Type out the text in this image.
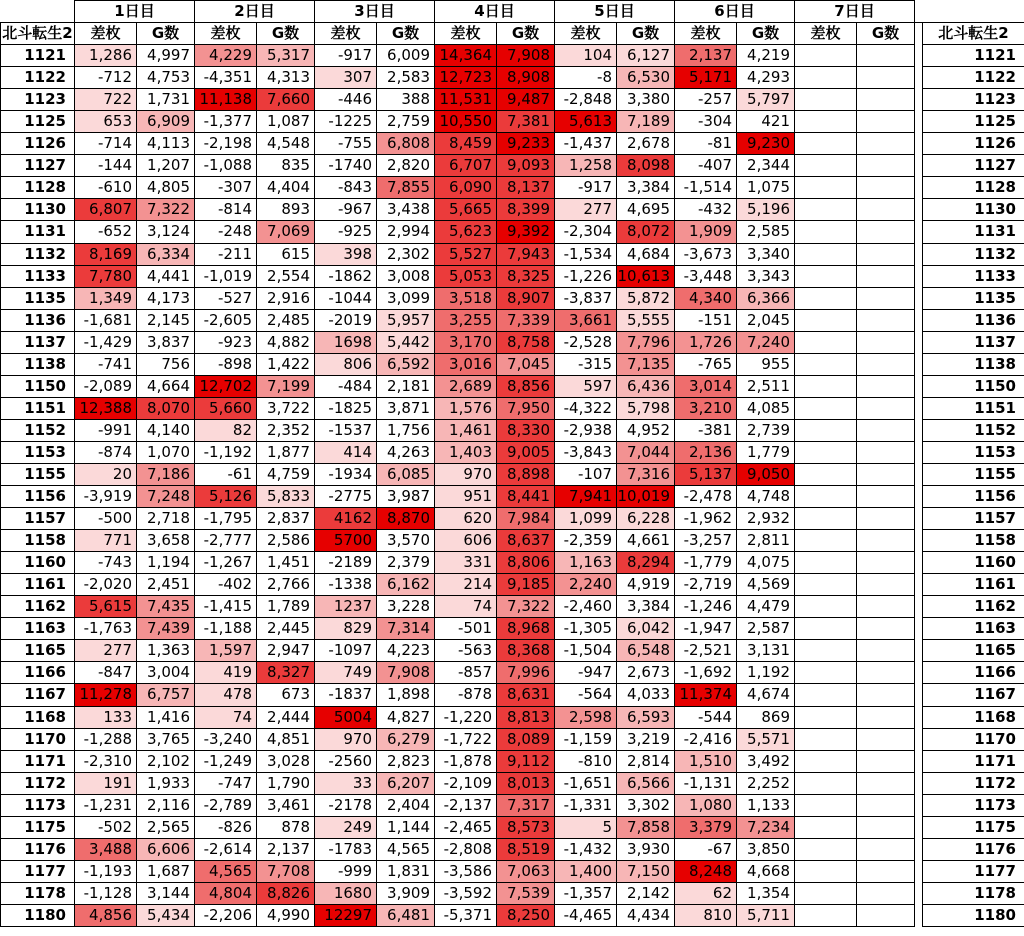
	1日目		2日目		3日目		4日目		5日目		6日目		7日目			
北斗転生2	差枚	G数	差枚	G数	差枚	G数	差枚	G数	差枚	G数	差枚	G数	差枚	G数		北斗転生2
1121	1,286	4,997	4,229	5,317	-917	6,009	14,364	7,908	104	6,127	2,137	4,219				1121
1122	-712	4,753	-4,351	4,313	307	2,583	12,723	8,908	-8	6,530	5,171	4,293				1122
1123	722	1,731	11,138	7,660	-446	388	11,531	9,487	-2,848	3,380	-257	5,797				1123
1125	653	6,909	-1,377	1,087	-1225	2,759	10,550	7,381	5,613	7,189	-304	421				1125
1126	-714	4,113	-2,198	4,548	-755	6,808	8,459	9,233	-1,437	2,678	-81	9,230				1126
1127	-144	1,207	-1,088	835	-1740	2,820	6,707	9,093	1,258	8,098	-407	2,344				1127
1128	-610	4,805	-307	4,404	-843	7,855	6,090	8,137	-917	3,384	-1,514	1,075				1128
1130	6,807	7,322	-814	893	-967	3,438	5,665	8,399	277	4,695	-432	5,196				1130
1131	-652	3,124	-248	7,069	-925	2,994	5,623	9,392	-2,304	8,072	1,909	2,585				1131
1132	8,169	6,334	-211	615	398	2,302	5,527	7,943	-1,534	4,684	-3,673	3,340				1132
1133	7,780	4,441	-1,019	2,554	-1862	3,008	5,053	8,325	-1,226	10,613	-3,448	3,343				1133
1135	1,349	4,173	-527	2,916	-1044	3,099	3,518	8,907	-3,837	5,872	4,340	6,366				1135
1136	-1,681	2,145	-2,605	2,485	-2019	5,957	3,255	7,339	3,661	5,555	-151	2,045				1136
1137	-1,429	3,837	-923	4,882	1698	5,442	3,170	8,758	-2,528	7,796	1,726	7,240				1137
1138	-741	756	-898	1,422	806	6,592	3,016	7,045	-315	7,135	-765	955				1138
1150	-2,089	4,664	12,702	7,199	-484	2,181	2,689	8,856	597	6,436	3,014	2,511				1150
1151	12,388	8,070	5,660	3,722	-1825	3,871	1,576	7,950	-4,322	5,798	3,210	4,085				1151
1152	-991	4,140	82	2,352	-1537	1,756	1,461	8,330	-2,938	4,952	-381	2,739				1152
1153	-874	1,070	-1,192	1,877	414	4,263	1,403	9,005	-3,843	7,044	2,136	1,779				1153
1155	20	7,186	-61	4,759	-1934	6,085	970	8,898	-107	7,316	5,137	9,050				1155
1156	-3,919	7,248	5,126	5,833	-2775	3,987	951	8,441	7,941	10,019	-2,478	4,748				1156
1157	-500	2,718	-1,795	2,837	4162	8,870	620	7,984	1,099	6,228	-1,962	2,932				1157
1158	771	3,658	-2,777	2,586	5700	3,570	606	8,637	-2,359	4,661	-3,257	2,811				1158
1160	-743	1,194	-1,267	1,451	-2189	2,379	331	8,806	1,163	8,294	-1,779	4,075				1160
1161	-2,020	2,451	-402	2,766	-1338	6,162	214	9,185	2,240	4,919	-2,719	4,569				1161
1162	5,615	7,435	-1,415	1,789	1237	3,228	74	7,322	-2,460	3,384	-1,246	4,479				1162
1163	-1,763	7,439	-1,188	2,445	829	7,314	-501	8,968	-1,305	6,042	-1,947	2,587				1163
1165	277	1,363	1,597	2,947	-1097	4,223	-563	8,368	-1,504	6,548	-2,521	3,131				1165
1166	-847	3,004	419	8,327	749	7,908	-857	7,996	-947	2,673	-1,692	1,192				1166
1167	11,278	6,757	478	673	-1837	1,898	-878	8,631	-564	4,033	11,374	4,674				1167
1168	133	1,416	74	2,444	5004	4,827	-1,220	8,813	2,598	6,593	-544	869				1168
1170	-1,288	3,765	-3,240	4,851	970	6,279	-1,722	8,089	-1,159	3,219	-2,416	5,571				1170
1171	-2,310	2,102	-1,249	3,028	-2560	2,823	-1,878	9,112	-810	2,814	1,510	3,492				1171
1172	191	1,933	-747	1,790	33	6,207	-2,109	8,013	-1,651	6,566	-1,131	2,252				1172
1173	-1,231	2,116	-2,789	3,461	-2178	2,404	-2,137	7,317	-1,331	3,302	1,080	1,133				1173
1175	-502	2,565	-826	878	249	1,144	-2,465	8,573	5	7,858	3,379	7,234				1175
1176	3,488	6,606	-2,614	2,137	-1783	4,565	-2,808	8,519	-1,432	3,930	-67	3,850				1176
1177	-1,193	1,687	4,565	7,708	-999	1,831	-3,586	7,063	1,400	7,150	8,248	4,668				1177
1178	-1,128	3,144	4,804	8,826	1680	3,909	-3,592	7,539	-1,357	2,142	62	1,354				1178
1180	4,856	5,434	-2,206	4,990	12297	6,481	-5,371	8,250	-4,465	4,434	810	5,711				1180
